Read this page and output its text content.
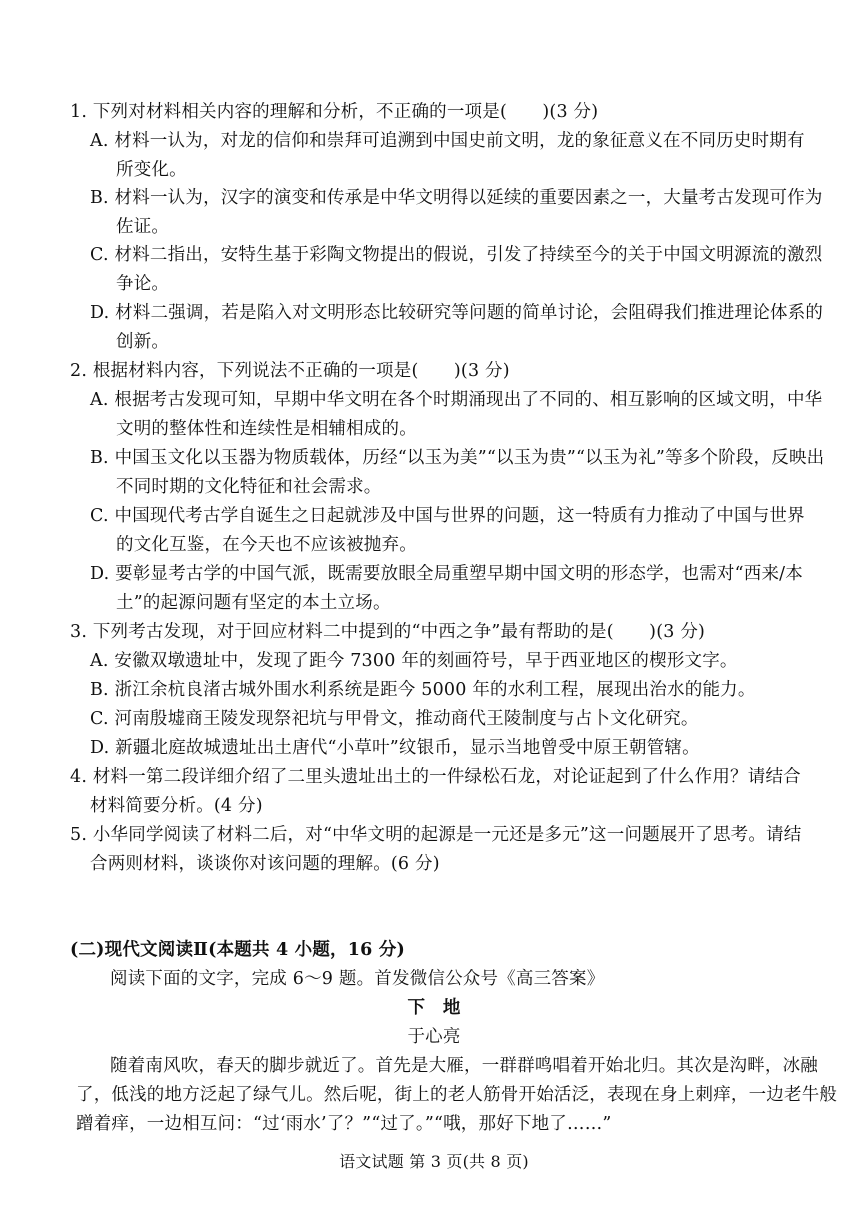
1. 下列对材料相关内容的理解和分析，不正确的一项是(　　)(3 分)
A. 材料一认为，对龙的信仰和崇拜可追溯到中国史前文明，龙的象征意义在不同历史时期有
所变化。
B. 材料一认为，汉字的演变和传承是中华文明得以延续的重要因素之一，大量考古发现可作为
佐证。
C. 材料二指出，安特生基于彩陶文物提出的假说，引发了持续至今的关于中国文明源流的激烈
争论。
D. 材料二强调，若是陷入对文明形态比较研究等问题的简单讨论，会阻碍我们推进理论体系的
创新。
2. 根据材料内容，下列说法不正确的一项是(　　)(3 分)
A. 根据考古发现可知，早期中华文明在各个时期涌现出了不同的、相互影响的区域文明，中华
文明的整体性和连续性是相辅相成的。
B. 中国玉文化以玉器为物质载体，历经“以玉为美”“以玉为贵”“以玉为礼”等多个阶段，反映出
不同时期的文化特征和社会需求。
C. 中国现代考古学自诞生之日起就涉及中国与世界的问题，这一特质有力推动了中国与世界
的文化互鉴，在今天也不应该被抛弃。
D. 要彰显考古学的中国气派，既需要放眼全局重塑早期中国文明的形态学，也需对“西来/本
土”的起源问题有坚定的本土立场。
3. 下列考古发现，对于回应材料二中提到的“中西之争”最有帮助的是(　　)(3 分)
A. 安徽双墩遗址中，发现了距今 7300 年的刻画符号，早于西亚地区的楔形文字。
B. 浙江余杭良渚古城外围水利系统是距今 5000 年的水利工程，展现出治水的能力。
C. 河南殷墟商王陵发现祭祀坑与甲骨文，推动商代王陵制度与占卜文化研究。
D. 新疆北庭故城遗址出土唐代“小草叶”纹银币，显示当地曾受中原王朝管辖。
4. 材料一第二段详细介绍了二里头遗址出土的一件绿松石龙，对论证起到了什么作用？请结合
材料简要分析。(4 分)
5. 小华同学阅读了材料二后，对“中华文明的起源是一元还是多元”这一问题展开了思考。请结
合两则材料，谈谈你对该问题的理解。(6 分)
(二)现代文阅读Ⅱ(本题共 4 小题，16 分)
阅读下面的文字，完成 6～9 题。首发微信公众号《高三答案》
下　地
于心亮
随着南风吹，春天的脚步就近了。首先是大雁，一群群鸣唱着开始北归。其次是沟畔，冰融
了，低浅的地方泛起了绿气儿。然后呢，街上的老人筋骨开始活泛，表现在身上刺痒，一边老牛般
蹭着痒，一边相互问：“过‘雨水’了？”“过了。”“哦，那好下地了……”
语文试题 第 3 页(共 8 页)
